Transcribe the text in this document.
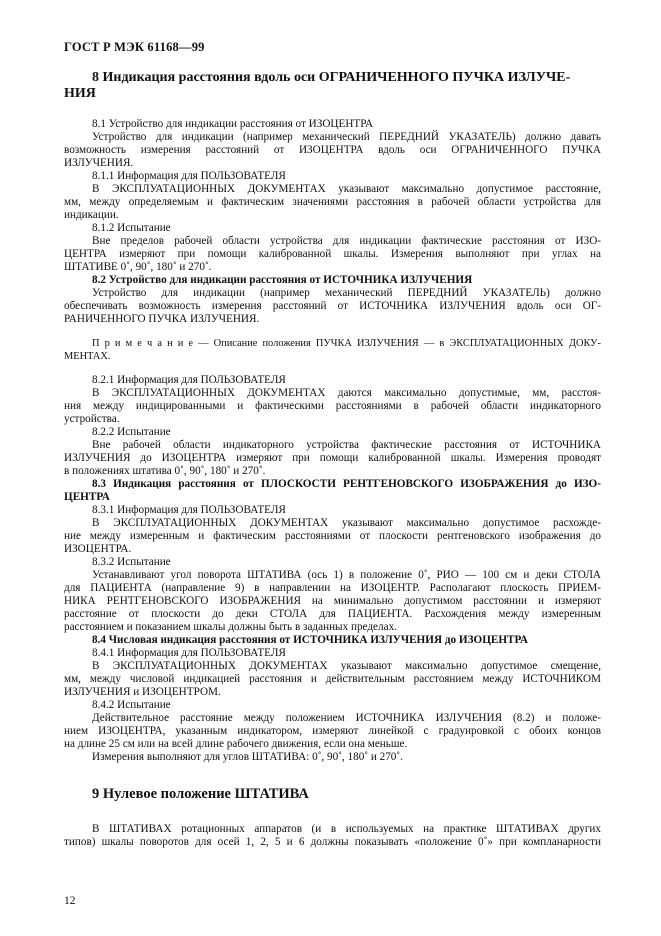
ГОСТ Р МЭК 61168—99
8 Индикация расстояния вдоль оси ОГРАНИЧЕННОГО ПУЧКА ИЗЛУЧЕ-
НИЯ
8.1 Устройство для индикации расстояния от ИЗОЦЕНТРА
Устройство для индикации (например механический ПЕРЕДНИЙ УКАЗАТЕЛЬ) должно давать
возможность измерения расстояний от ИЗОЦЕНТРА вдоль оси ОГРАНИЧЕННОГО ПУЧКА
ИЗЛУЧЕНИЯ.
8.1.1 Информация для ПОЛЬЗОВАТЕЛЯ
В ЭКСПЛУАТАЦИОННЫХ ДОКУМЕНТАХ указывают максимально допустимое расстояние,
мм, между определяемым и фактическим значениями расстояния в рабочей области устройства для
индикации.
8.1.2 Испытание
Вне пределов рабочей области устройства для индикации фактические расстояния от ИЗО-
ЦЕНТРА измеряют при помощи калиброванной шкалы. Измерения выполняют при углах на
ШТАТИВЕ 0˚, 90˚, 180˚ и 270˚.
8.2 Устройство для индикации расстояния от ИСТОЧНИКА ИЗЛУЧЕНИЯ
Устройство для индикации (например механический ПЕРЕДНИЙ УКАЗАТЕЛЬ) должно
обеспечивать возможность измерения расстояний от ИСТОЧНИКА ИЗЛУЧЕНИЯ вдоль оси ОГ-
РАНИЧЕННОГО ПУЧКА ИЗЛУЧЕНИЯ.
П р и м е ч а н и е — Описание положения ПУЧКА ИЗЛУЧЕНИЯ — в ЭКСПЛУАТАЦИОННЫХ ДОКУ-
МЕНТАХ.
8.2.1 Информация для ПОЛЬЗОВАТЕЛЯ
В ЭКСПЛУАТАЦИОННЫХ ДОКУМЕНТАХ даются максимально допустимые, мм, расстоя-
ния между индицированными и фактическими расстояниями в рабочей области индикаторного
устройства.
8.2.2 Испытание
Вне рабочей области индикаторного устройства фактические расстояния от ИСТОЧНИКА
ИЗЛУЧЕНИЯ до ИЗОЦЕНТРА измеряют при помощи калиброванной шкалы. Измерения проводят
в положениях штатива 0˚, 90˚, 180˚ и 270˚.
8.3 Индикация расстояния от ПЛОСКОСТИ РЕНТГЕНОВСКОГО ИЗОБРАЖЕНИЯ до ИЗО-
ЦЕНТРА
8.3.1 Информация для ПОЛЬЗОВАТЕЛЯ
В ЭКСПЛУАТАЦИОННЫХ ДОКУМЕНТАХ указывают максимально допустимое расхожде-
ние между измеренным и фактическим расстояниями от плоскости рентгеновского изображения до
ИЗОЦЕНТРА.
8.3.2 Испытание
Устанавливают угол поворота ШТАТИВА (ось 1) в положение 0˚, РИО — 100 см и деки СТОЛА
для ПАЦИЕНТА (направление 9) в направлении на ИЗОЦЕНТР. Располагают плоскость ПРИЕМ-
НИКА РЕНТГЕНОВСКОГО ИЗОБРАЖЕНИЯ на минимально допустимом расстоянии и измеряют
расстояние от плоскости до деки СТОЛА для ПАЦИЕНТА. Расхождения между измеренным
расстоянием и показанием шкалы должны быть в заданных пределах.
8.4 Числовая индикация расстояния от ИСТОЧНИКА ИЗЛУЧЕНИЯ до ИЗОЦЕНТРА
8.4.1 Информация для ПОЛЬЗОВАТЕЛЯ
В ЭКСПЛУАТАЦИОННЫХ ДОКУМЕНТАХ указывают максимально допустимое смещение,
мм, между числовой индикацией расстояния и действительным расстоянием между ИСТОЧНИКОМ
ИЗЛУЧЕНИЯ и ИЗОЦЕНТРОМ.
8.4.2 Испытание
Действительное расстояние между положением ИСТОЧНИКА ИЗЛУЧЕНИЯ (8.2) и положе-
нием ИЗОЦЕНТРА, указанным индикатором, измеряют линейкой с градуировкой с обоих концов
на длине 25 см или на всей длине рабочего движения, если она меньше.
Измерения выполняют для углов ШТАТИВА: 0˚, 90˚, 180˚ и 270˚.
9 Нулевое положение ШТАТИВА
В ШТАТИВАХ ротационных аппаратов (и в используемых на практике ШТАТИВАХ других
типов) шкалы поворотов для осей 1, 2, 5 и 6 должны показывать «положение 0˚» при компланарности
12
